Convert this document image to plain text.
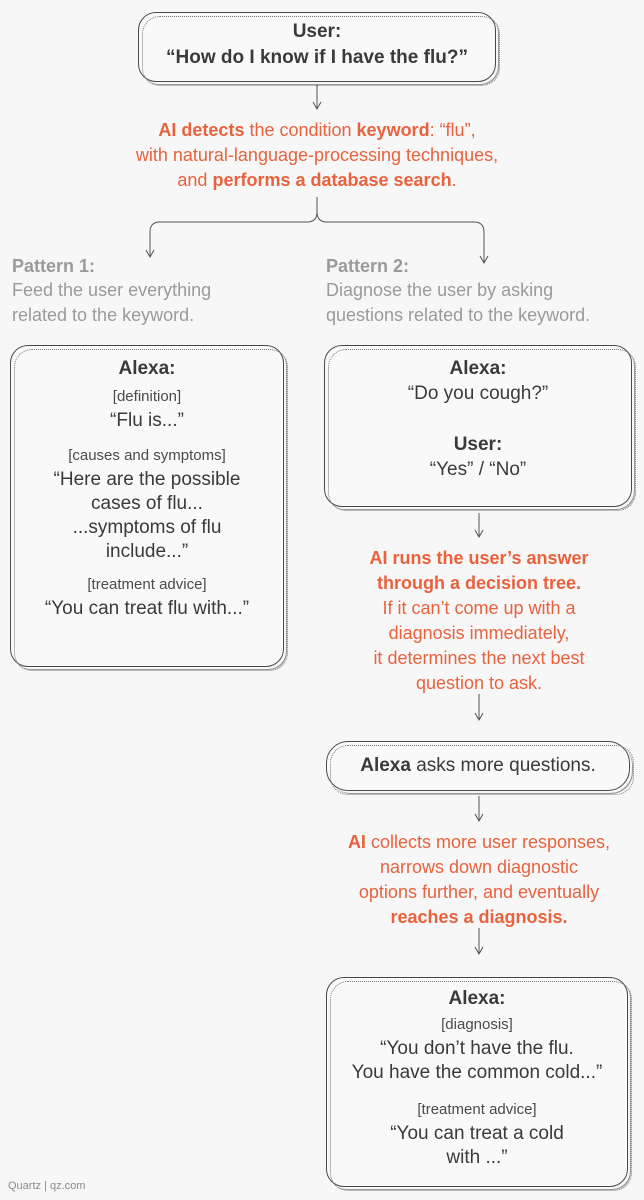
User:
“How do I know if I have the flu?”
AI detects the condition keyword: “flu”,
with natural-language-processing techniques,
and performs a database search.
Pattern 1:
Feed the user everything
related to the keyword.
Pattern 2:
Diagnose the user by asking
questions related to the keyword.
Alexa:
[definition]
“Flu is...”
[causes and symptoms]
“Here are the possible
cases of flu...
...symptoms of flu
include...”
[treatment advice]
“You can treat flu with...”
Alexa:
“Do you cough?”
User:
“Yes” / “No”
AI runs the user’s answer
through a decision tree.
If it can’t come up with a
diagnosis immediately,
it determines the next best
question to ask.
Alexa asks more questions.
AI collects more user responses,
narrows down diagnostic
options further, and eventually
reaches a diagnosis.
Alexa:
[diagnosis]
“You don’t have the flu.
You have the common cold...”
[treatment advice]
“You can treat a cold
with ...”
Quartz | qz.com
